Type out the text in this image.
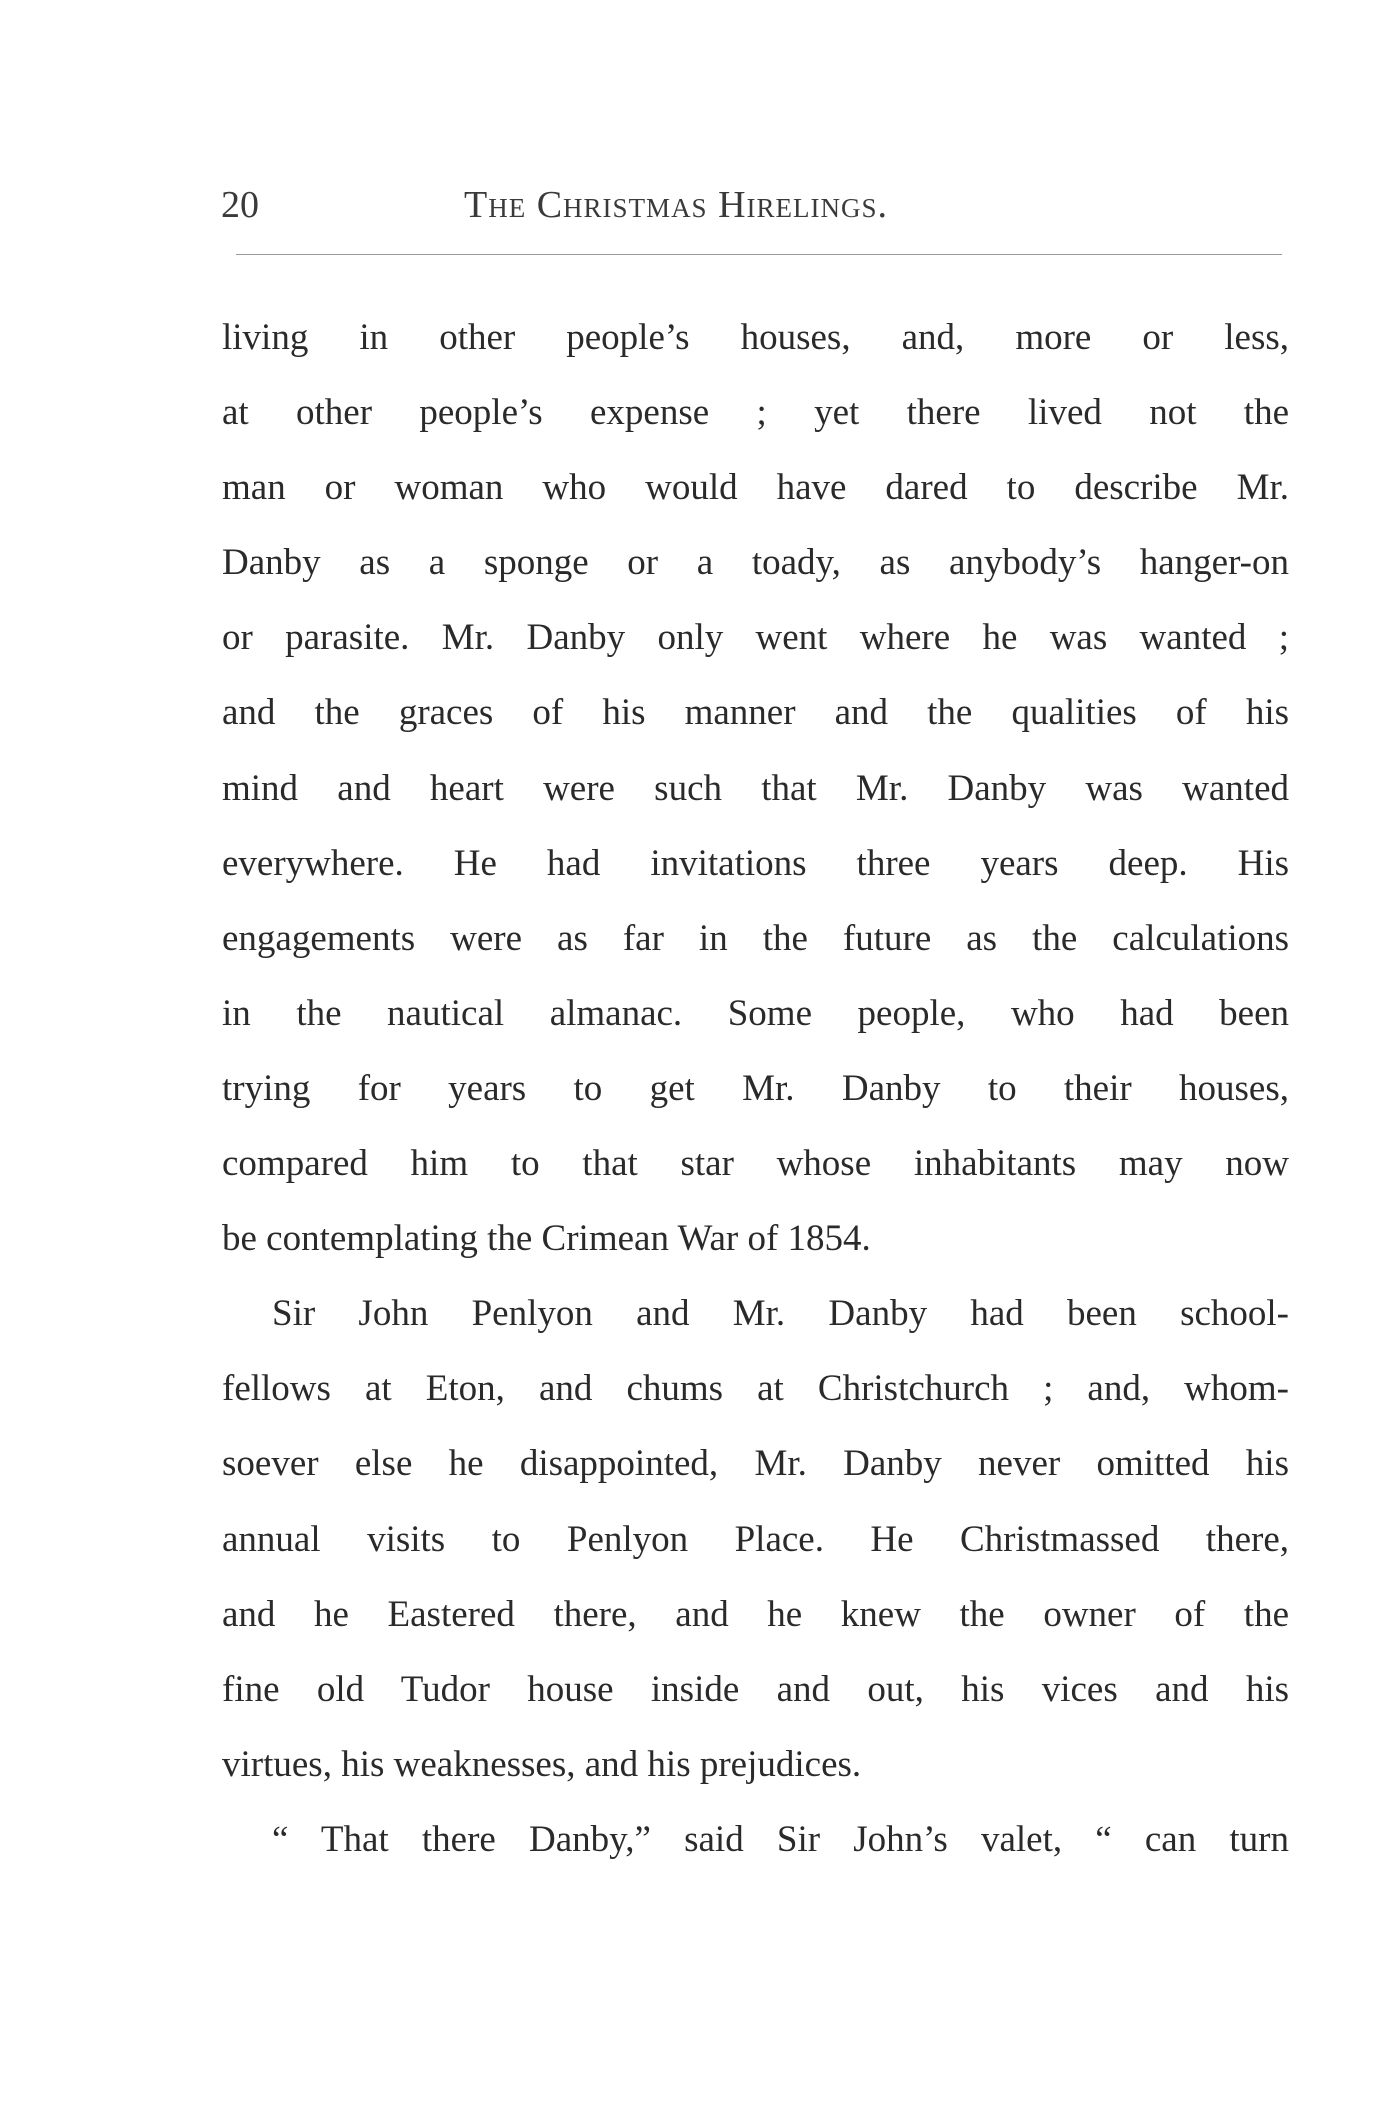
20	The Christmas Hirelings.
living in other people’s houses, and, more or less,
at other people’s expense ; yet there lived not the
man or woman who would have dared to describe Mr.
Danby as a sponge or a toady, as anybody’s hanger-on
or parasite. Mr. Danby only went where he was wanted ;
and the graces of his manner and the qualities of his
mind and heart were such that Mr. Danby was wanted
everywhere. He had invitations three years deep. His
engagements were as far in the future as the calculations
in the nautical almanac. Some people, who had been
trying for years to get Mr. Danby to their houses,
compared him to that star whose inhabitants may now
be contemplating the Crimean War of 1854.
Sir John Penlyon and Mr. Danby had been school-
fellows at Eton, and chums at Christchurch ; and, whom-
soever else he disappointed, Mr. Danby never omitted his
annual visits to Penlyon Place. He Christmassed there,
and he Eastered there, and he knew the owner of the
fine old Tudor house inside and out, his vices and his
virtues, his weaknesses, and his prejudices.
“ That there Danby,” said Sir John’s valet, “ can turn
